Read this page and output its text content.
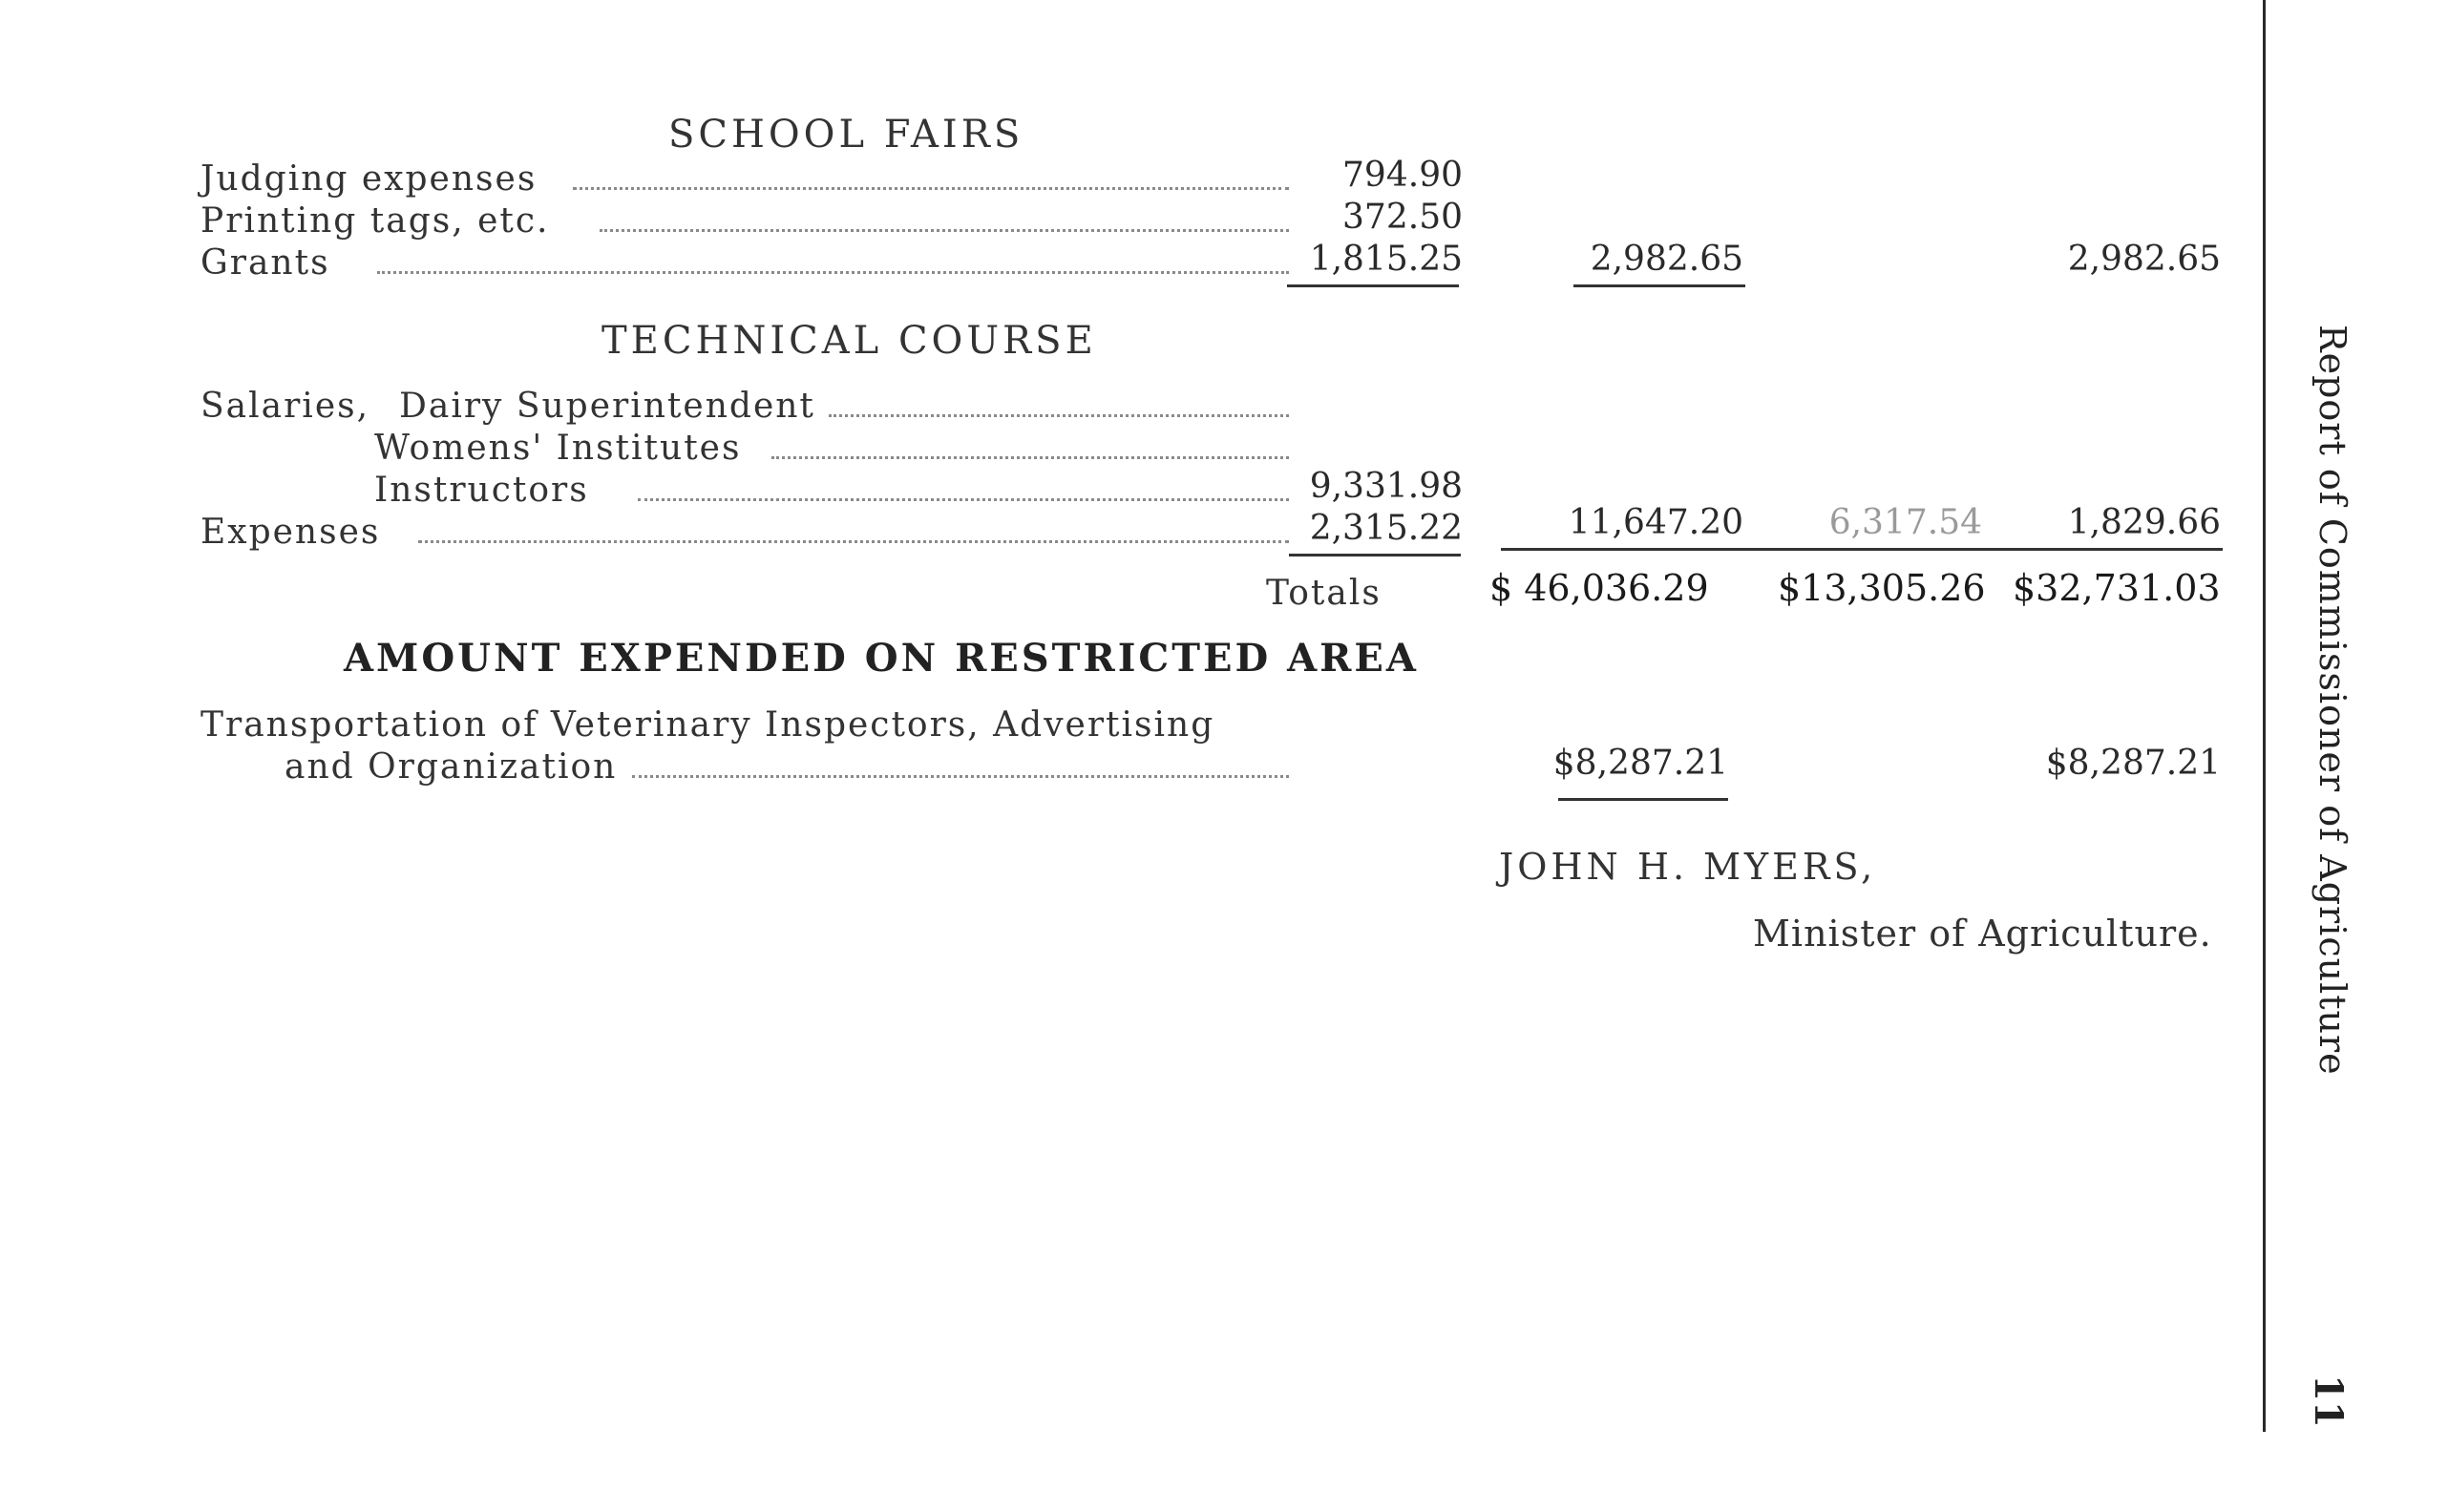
SCHOOL FAIRS
Judging expenses	794.90
Printing tags, etc.	372.50
Grants	1,815.25	2,982.65	2,982.65
TECHNICAL COURSE
Salaries, Dairy Superintendent
Womens' Institutes
Instructors	9,331.98
Expenses	2,315.22	11,647.20	6,317.54	1,829.66
Totals	$ 46,036.29 $13,305.26 $32,731.03
AMOUNT EXPENDED ON RESTRICTED AREA
Transportation of Veterinary Inspectors, Advertising
and Organization	$8,287.21	$8,287.21
JOHN H. MYERS,
Minister of Agriculture.	Report of Commissioner of Agriculture
11
